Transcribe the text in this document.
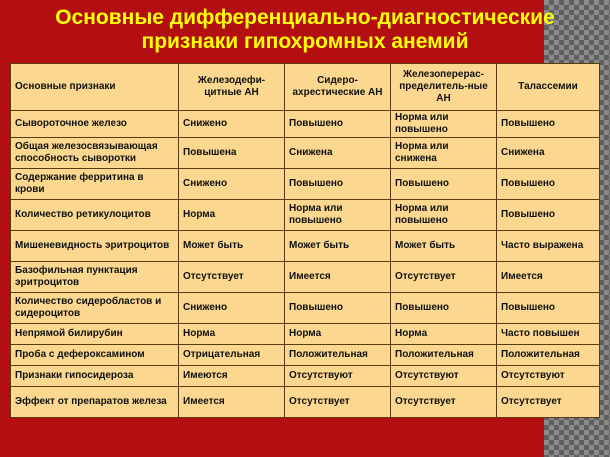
Основные дифференциально-диагностические
признаки гипохромных анемий
Основные признаки	Железодефи-цитные АН	Сидеро-ахрестические АН	Железоперерас-пределитель-ные АН	Талассемии
Сывороточное железо	Снижено	Повышено	Норма или повышено	Повышено
Общая железосвязывающая способность сыворотки	Повышена	Снижена	Норма или снижена	Снижена
Содержание ферритина в крови	Снижено	Повышено	Повышено	Повышено
Количество ретикулоцитов	Норма	Норма или повышено	Норма или повышено	Повышено
Мишеневидность эритроцитов	Может быть	Может быть	Может быть	Часто выражена
Базофильная пунктация эритроцитов	Отсутствует	Имеется	Отсутствует	Имеется
Количество сидеробластов и сидероцитов	Снижено	Повышено	Повышено	Повышено
Непрямой билирубин	Норма	Норма	Норма	Часто повышен
Проба с дефероксамином	Отрицательная	Положительная	Положительная	Положительная
Признаки гипосидероза	Имеются	Отсутствуют	Отсутствуют	Отсутствуют
Эффект от препаратов железа	Имеется	Отсутствует	Отсутствует	Отсутствует
